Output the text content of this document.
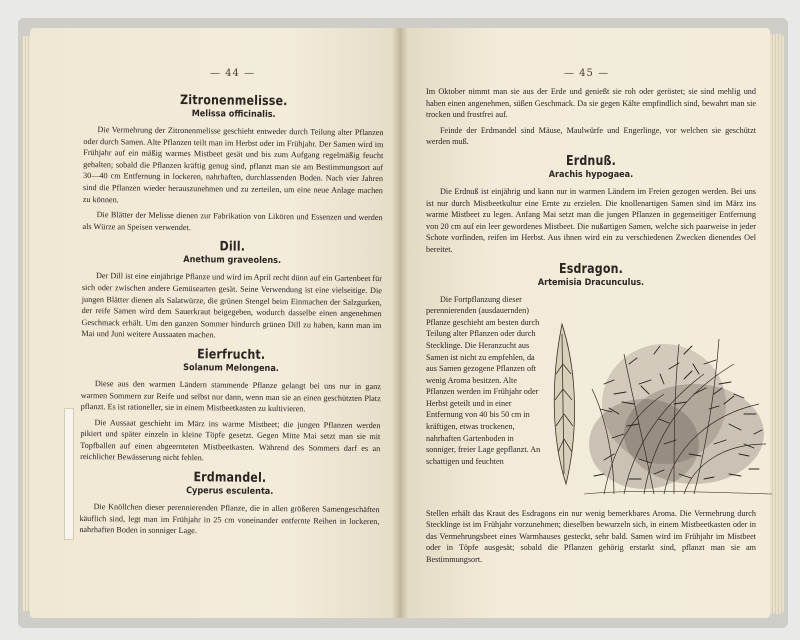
— 44 —
Zitronenmelisse.
Melissa officinalis.

Die Vermehrung der Zitronenmelisse geschieht entweder durch Teilung alter Pflanzen oder durch Samen. Alte Pflanzen teilt man im Herbst oder im Frühjahr. Der Samen wird im Frühjahr auf ein mäßig warmes Mistbeet gesät und bis zum Aufgang regelmäßig feucht gehalten; sobald die Pflanzen kräftig genug sind, pflanzt man sie am Bestimmungsort auf 30—40 cm Entfernung in lockeren, nahrhaften, durchlassenden Boden. Nach vier Jahren sind die Pflanzen wieder herauszunehmen und zu zerteilen, um eine neue Anlage machen zu können.

Die Blätter der Melisse dienen zur Fabrikation von Likören und Essenzen und werden als Würze an Speisen verwendet.

Dill.
Anethum graveolens.

Der Dill ist eine einjährige Pflanze und wird im April recht dünn auf ein Gartenbeet für sich oder zwischen andere Gemüsearten gesät. Seine Verwendung ist eine vielseitige. Die jungen Blätter dienen als Salatwürze, die grünen Stengel beim Einmachen der Salzgurken, der reife Samen wird dem Sauerkraut beigegeben, wodurch dasselbe einen angenehmen Geschmack erhält. Um den ganzen Sommer hindurch grünen Dill zu haben, kann man im Mai und Juni weitere Aussaaten machen.

Eierfrucht.
Solanum Melongena.

Diese aus den warmen Ländern stammende Pflanze gelangt bei uns nur in ganz warmen Sommern zur Reife und selbst nur dann, wenn man sie an einen geschützten Platz pflanzt. Es ist rationeller, sie in einem Mistbeetkasten zu kultivieren.

Die Aussaat geschieht im März ins warme Mistbeet; die jungen Pflanzen werden pikiert und später einzeln in kleine Töpfe gesetzt. Gegen Mitte Mai setzt man sie mit Topfballen auf einen abgeernteten Mistbeetkasten. Während des Sommers darf es an reichlicher Bewässerung nicht fehlen.

Erdmandel.
Cyperus esculenta.

Die Knöllchen dieser perennierenden Pflanze, die in allen größeren Samengeschäften käuflich sind, legt man im Frühjahr in 25 cm voneinander entfernte Reihen in lockeren, nahrhaften Boden in sonniger Lage.

— 45 —

Im Oktober nimmt man sie aus der Erde und genießt sie roh oder geröstet; sie sind mehlig und haben einen angenehmen, süßen Geschmack. Da sie gegen Kälte empfindlich sind, bewahrt man sie trocken und frostfrei auf.

Feinde der Erdmandel sind Mäuse, Maulwürfe und Engerlinge, vor welchen sie geschützt werden muß.

Erdnuß.
Arachis hypogaea.

Die Erdnuß ist einjährig und kann nur in warmen Ländern im Freien gezogen werden. Bei uns ist nur durch Mistbeetkultur eine Ernte zu erzielen. Die knollenartigen Samen sind im März ins warme Mistbeet zu legen. Anfang Mai setzt man die jungen Pflanzen in gegenseitiger Entfernung von 20 cm auf ein leer gewordenes Mistbeet. Die nußartigen Samen, welche sich paarweise in jeder Schote vorfinden, reifen im Herbst. Aus ihnen wird ein zu verschiedenen Zwecken dienendes Oel bereitet.

Esdragon.
Artemisia Dracunculus.

Die Fortpflanzung dieser perennierenden (ausdauernden) Pflanze geschieht am besten durch Teilung alter Pflanzen oder durch Stecklinge. Die Heranzucht aus Samen ist nicht zu empfehlen, da aus Samen gezogene Pflanzen oft wenig Aroma besitzen. Alte Pflanzen werden im Frühjahr oder Herbst geteilt und in einer Entfernung von 40 bis 50 cm in kräftigen, etwas trockenen, nahrhaften Gartenboden in sonniger, freier Lage gepflanzt. An schattigen und feuchten

Stellen erhält das Kraut des Esdragons ein nur wenig bemerkbares Aroma. Die Vermehrung durch Stecklinge ist im Frühjahr vorzunehmen; dieselben bewurzeln sich, in einem Mistbeetkasten oder in das Vermehrungsbeet eines Warmhauses gesteckt, sehr bald. Samen wird im Frühjahr im Mistbeet oder in Töpfe ausgesät; sobald die Pflanzen gehörig erstarkt sind, pflanzt man sie am Bestimmungsort.
